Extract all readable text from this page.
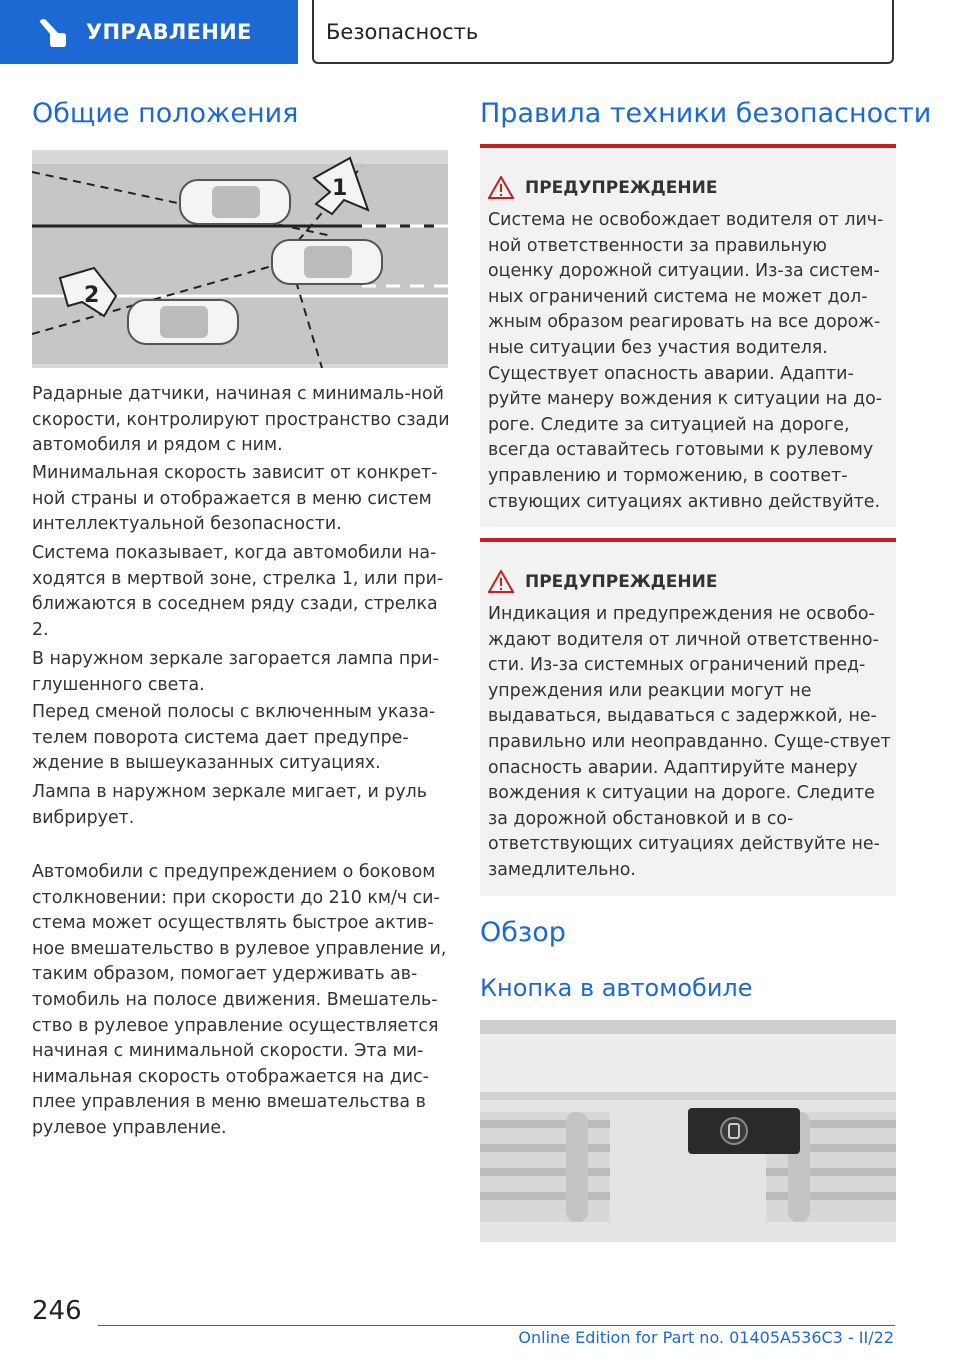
УПРАВЛЕНИЕ	Безопасность
Общие положения
1
2

Радарные датчики, начиная с минималь-ной скорости, контролируют пространство сзади автомобиля и рядом с ним.

Минимальная скорость зависит от конкрет-ной страны и отображается в меню систем интеллектуальной безопасности.

Система показывает, когда автомобили на-ходятся в мертвой зоне, стрелка 1, или при-ближаются в соседнем ряду сзади, стрелка 2.

В наружном зеркале загорается лампа при-глушенного света.

Перед сменой полосы с включенным указа-телем поворота система дает предупре-ждение в вышеуказанных ситуациях.

Лампа в наружном зеркале мигает, и руль вибрирует.

Автомобили с предупреждением о боковом столкновении: при скорости до 210 км/ч си-стема может осуществлять быстрое актив-ное вмешательство в рулевое управление и, таким образом, помогает удерживать ав-томобиль на полосе движения. Вмешатель-ство в рулевое управление осуществляется начиная с минимальной скорости. Эта ми-нимальная скорость отображается на дис-плее управления в меню вмешательства в рулевое управление.

Правила техники безопасности
ПРЕДУПРЕЖДЕНИЕ

Система не освобождает водителя от лич-ной ответственности за правильную оценку дорожной ситуации. Из-за систем-ных ограничений система не может дол-жным образом реагировать на все дорож-ные ситуации без участия водителя. Существует опасность аварии. Адапти-руйте манеру вождения к ситуации на до-роге. Следите за ситуацией на дороге, всегда оставайтесь готовыми к рулевому управлению и торможению, в соответ-ствующих ситуациях активно действуйте.

ПРЕДУПРЕЖДЕНИЕ

Индикация и предупреждения не освобо-ждают водителя от личной ответственно-сти. Из-за системных ограничений пред-упреждения или реакции могут не выдаваться, выдаваться с задержкой, не-правильно или неоправданно. Суще-ствует опасность аварии. Адаптируйте манеру вождения к ситуации на дороге. Следите за дорожной обстановкой и в со-ответствующих ситуациях действуйте не-замедлительно.

Обзор
Кнопка в автомобиле
246
Online Edition for Part no. 01405A536C3 - II/22
